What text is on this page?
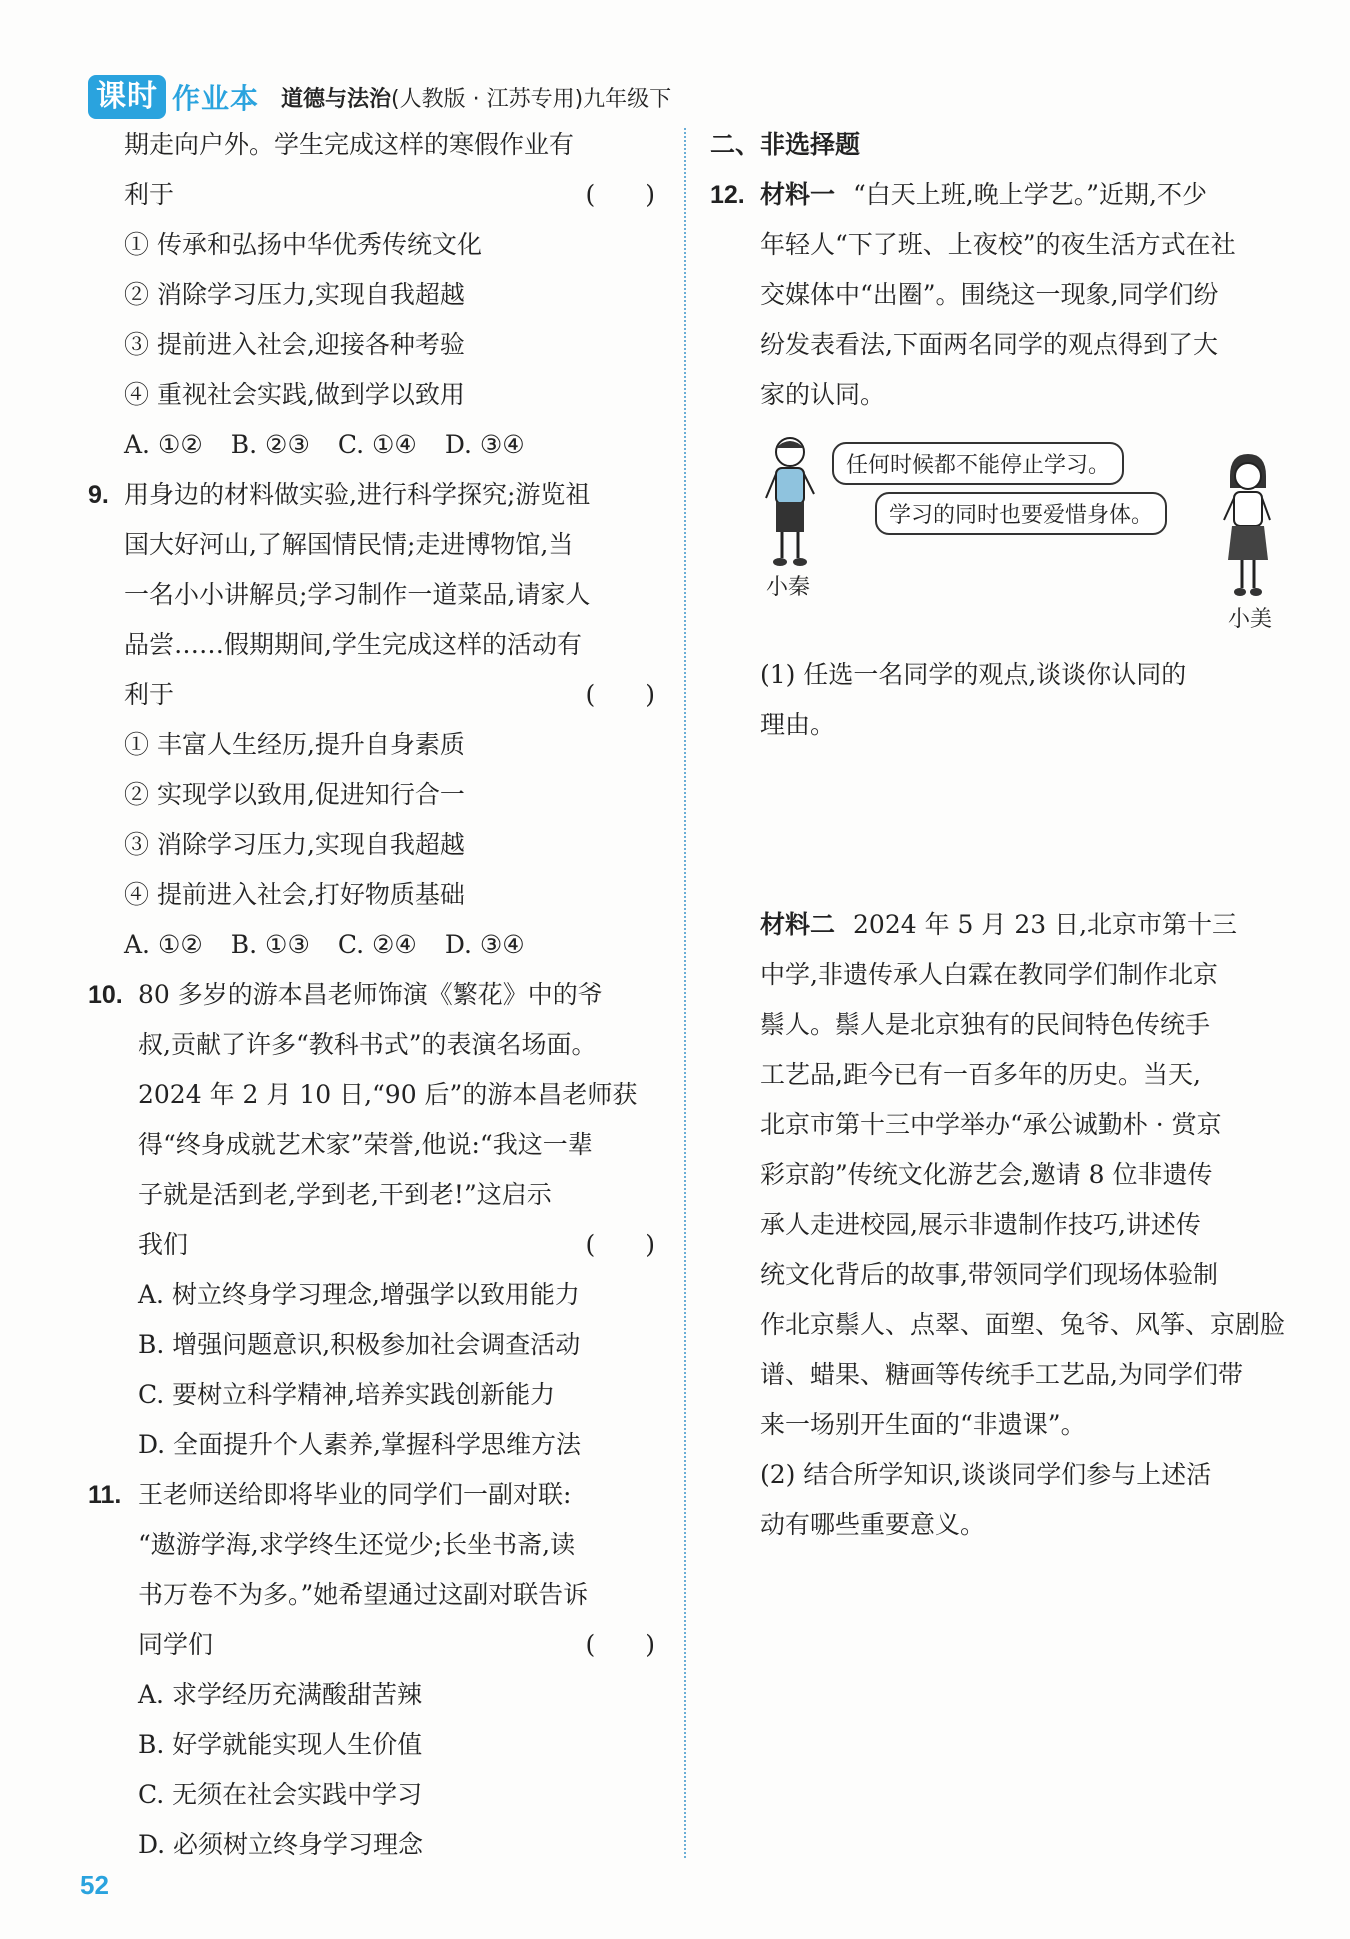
课时 作业本 道德与法治(人教版 · 江苏专用)九年级下
期走向户外。学生完成这样的寒假作业有
利于	(　　)
① 传承和弘扬中华优秀传统文化
② 消除学习压力,实现自我超越
③ 提前进入社会,迎接各种考验
④ 重视社会实践,做到学以致用
A. ①② B. ②③ C. ①④ D. ③④
9. 用身边的材料做实验,进行科学探究;游览祖
国大好河山,了解国情民情;走进博物馆,当
一名小小讲解员;学习制作一道菜品,请家人
品尝……假期期间,学生完成这样的活动有
利于	(　　)
① 丰富人生经历,提升自身素质
② 实现学以致用,促进知行合一
③ 消除学习压力,实现自我超越
④ 提前进入社会,打好物质基础
A. ①② B. ①③ C. ②④ D. ③④
10. 80 多岁的游本昌老师饰演《繁花》中的爷
叔,贡献了许多“教科书式”的表演名场面。
2024 年 2 月 10 日,“90 后”的游本昌老师获
得“终身成就艺术家”荣誉,他说:“我这一辈
子就是活到老,学到老,干到老!”这启示
我们	(　　)
A. 树立终身学习理念,增强学以致用能力
B. 增强问题意识,积极参加社会调查活动
C. 要树立科学精神,培养实践创新能力
D. 全面提升个人素养,掌握科学思维方法
11. 王老师送给即将毕业的同学们一副对联:
“遨游学海,求学终生还觉少;长坐书斋,读
书万卷不为多。”她希望通过这副对联告诉
同学们	(　　)
A. 求学经历充满酸甜苦辣
B. 好学就能实现人生价值
C. 无须在社会实践中学习
D. 必须树立终身学习理念
二、非选择题
12. 材料一 “白天上班,晚上学艺。”近期,不少
年轻人“下了班、上夜校”的夜生活方式在社
交媒体中“出圈”。围绕这一现象,同学们纷
纷发表看法,下面两名同学的观点得到了大
家的认同。
小秦
任何时候都不能停止学习。
学习的同时也要爱惜身体。
小美
(1) 任选一名同学的观点,谈谈你认同的
理由。
材料二 2024 年 5 月 23 日,北京市第十三
中学,非遗传承人白霖在教同学们制作北京
鬃人。鬃人是北京独有的民间特色传统手
工艺品,距今已有一百多年的历史。当天,
北京市第十三中学举办“承公诚勤朴 · 赏京
彩京韵”传统文化游艺会,邀请 8 位非遗传
承人走进校园,展示非遗制作技巧,讲述传
统文化背后的故事,带领同学们现场体验制
作北京鬃人、点翠、面塑、兔爷、风筝、京剧脸
谱、蜡果、糖画等传统手工艺品,为同学们带
来一场别开生面的“非遗课”。
(2) 结合所学知识,谈谈同学们参与上述活
动有哪些重要意义。
52
